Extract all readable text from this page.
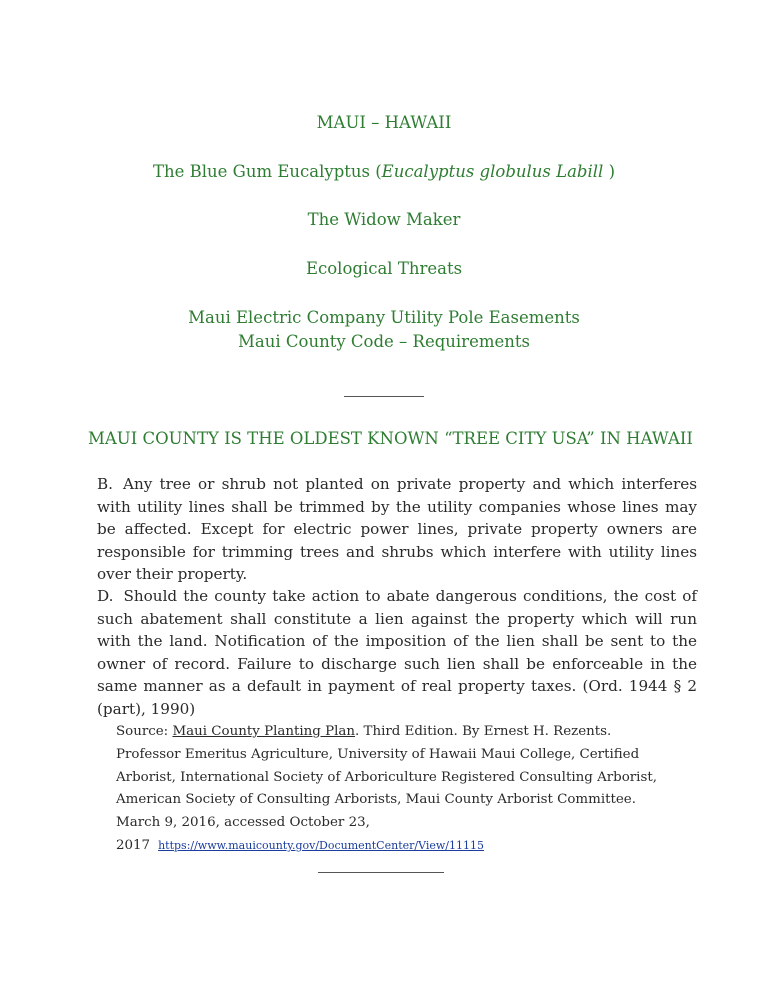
MAUI – HAWAII

The Blue Gum Eucalyptus (Eucalyptus globulus Labill )

The Widow Maker

Ecological Threats

Maui Electric Company Utility Pole Easements

Maui County Code – Requirements

MAUI COUNTY IS THE OLDEST KNOWN “TREE CITY USA” IN HAWAII

B. Any tree or shrub not planted on private property and which interferes with utility lines shall be trimmed by the utility companies whose lines may be affected. Except for electric power lines, private property owners are responsible for trimming trees and shrubs which interfere with utility lines over their property.

D. Should the county take action to abate dangerous conditions, the cost of such abatement shall constitute a lien against the property which will run with the land. Notification of the imposition of the lien shall be sent to the owner of record. Failure to discharge such lien shall be enforceable in the same manner as a default in payment of real property taxes. (Ord. 1944 § 2 (part), 1990)

Source: Maui County Planting Plan. Third Edition. By Ernest H. Rezents. Professor Emeritus Agriculture, University of Hawaii Maui College, Certified Arborist, International Society of Arboriculture Registered Consulting Arborist, American Society of Consulting Arborists, Maui County Arborist Committee. March 9, 2016, accessed October 23, 2017 https://www.mauicounty.gov/DocumentCenter/View/11115
